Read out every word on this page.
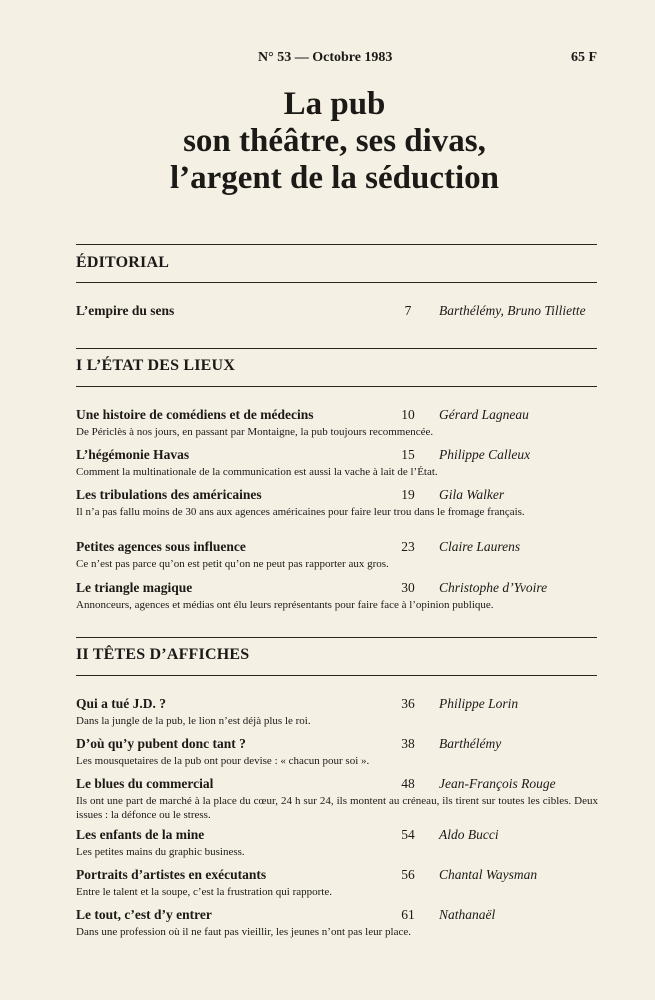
N° 53 — Octobre 1983	65 F
La pub
son théâtre, ses divas,
l’argent de la séduction
ÉDITORIAL
L’empire du sens	7	Barthélémy, Bruno Tilliette
I L’ÉTAT DES LIEUX
Une histoire de comédiens et de médecins	10 Gérard Lagneau
De Périclès à nos jours, en passant par Montaigne, la pub toujours recommencée.
L’hégémonie Havas	15 Philippe Calleux
Comment la multinationale de la communication est aussi la vache à lait de l’État.
Les tribulations des américaines	19 Gila Walker
Il n’a pas fallu moins de 30 ans aux agences américaines pour faire leur trou dans le fromage français.
Petites agences sous influence	23 Claire Laurens
Ce n’est pas parce qu’on est petit qu’on ne peut pas rapporter aux gros.
Le triangle magique	30 Christophe d’Yvoire
Annonceurs, agences et médias ont élu leurs représentants pour faire face à l’opinion publique.
II TÊTES D’AFFICHES
Qui a tué J.D. ?	36 Philippe Lorin
Dans la jungle de la pub, le lion n’est déjà plus le roi.
D’où qu’y pubent donc tant ?	38 Barthélémy
Les mousquetaires de la pub ont pour devise : « chacun pour soi ».
Le blues du commercial	48 Jean-François Rouge
Ils ont une part de marché à la place du cœur, 24 h sur 24, ils montent au créneau, ils tirent sur toutes les cibles. Deux issues : la défonce ou le stress.
Les enfants de la mine	54 Aldo Bucci
Les petites mains du graphic business.
Portraits d’artistes en exécutants	56 Chantal Waysman
Entre le talent et la soupe, c’est la frustration qui rapporte.
Le tout, c’est d’y entrer	61 Nathanaël
Dans une profession où il ne faut pas vieillir, les jeunes n’ont pas leur place.
